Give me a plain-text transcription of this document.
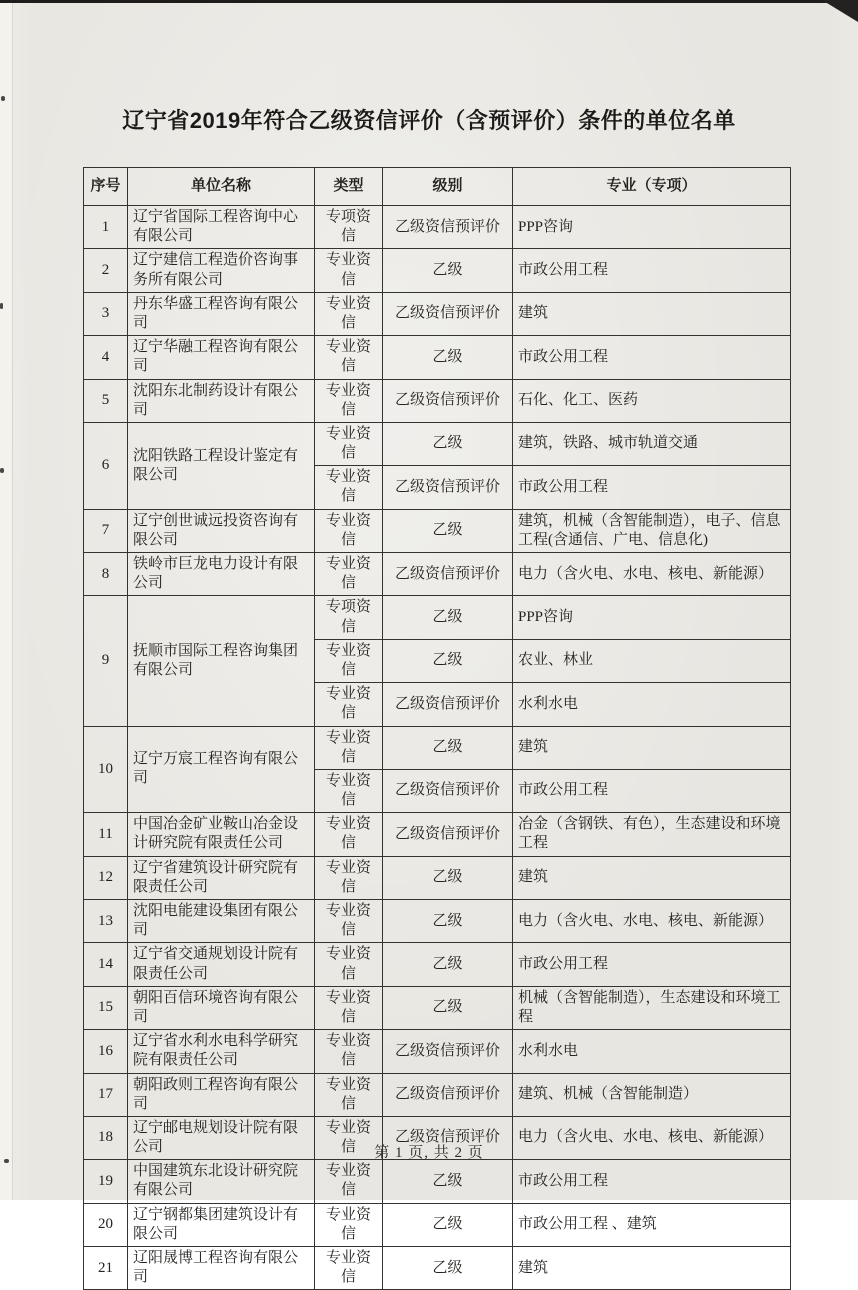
辽宁省2019年符合乙级资信评价（含预评价）条件的单位名单
序号	单位名称	类型	级别	专业（专项）
1	辽宁省国际工程咨询中心有限公司	专项资信	乙级资信预评价	PPP咨询
2	辽宁建信工程造价咨询事务所有限公司	专业资信	乙级	市政公用工程
3	丹东华盛工程咨询有限公司	专业资信	乙级资信预评价	建筑
4	辽宁华融工程咨询有限公司	专业资信	乙级	市政公用工程
5	沈阳东北制药设计有限公司	专业资信	乙级资信预评价	石化、化工、医药
6	沈阳铁路工程设计鉴定有限公司	专业资信	乙级	建筑，铁路、城市轨道交通
		专业资信	乙级资信预评价	市政公用工程
7	辽宁创世诚远投资咨询有限公司	专业资信	乙级	建筑，机械（含智能制造），电子、信息工程(含通信、广电、信息化)
8	铁岭市巨龙电力设计有限公司	专业资信	乙级资信预评价	电力（含火电、水电、核电、新能源）
9	抚顺市国际工程咨询集团有限公司	专项资信	乙级	PPP咨询
		专业资信	乙级	农业、林业
		专业资信	乙级资信预评价	水利水电
10	辽宁万宸工程咨询有限公司	专业资信	乙级	建筑
		专业资信	乙级资信预评价	市政公用工程
11	中国冶金矿业鞍山冶金设计研究院有限责任公司	专业资信	乙级资信预评价	冶金（含钢铁、有色），生态建设和环境工程
12	辽宁省建筑设计研究院有限责任公司	专业资信	乙级	建筑
13	沈阳电能建设集团有限公司	专业资信	乙级	电力（含火电、水电、核电、新能源）
14	辽宁省交通规划设计院有限责任公司	专业资信	乙级	市政公用工程
15	朝阳百信环境咨询有限公司	专业资信	乙级	机械（含智能制造），生态建设和环境工程
16	辽宁省水利水电科学研究院有限责任公司	专业资信	乙级资信预评价	水利水电
17	朝阳政则工程咨询有限公司	专业资信	乙级资信预评价	建筑、机械（含智能制造）
18	辽宁邮电规划设计院有限公司	专业资信	乙级资信预评价	电力（含火电、水电、核电、新能源）
19	中国建筑东北设计研究院有限公司	专业资信	乙级	市政公用工程
20	辽宁钢都集团建筑设计有限公司	专业资信	乙级	市政公用工程 、建筑
21	辽阳晟博工程咨询有限公司	专业资信	乙级	建筑
第 1 页, 共 2 页
